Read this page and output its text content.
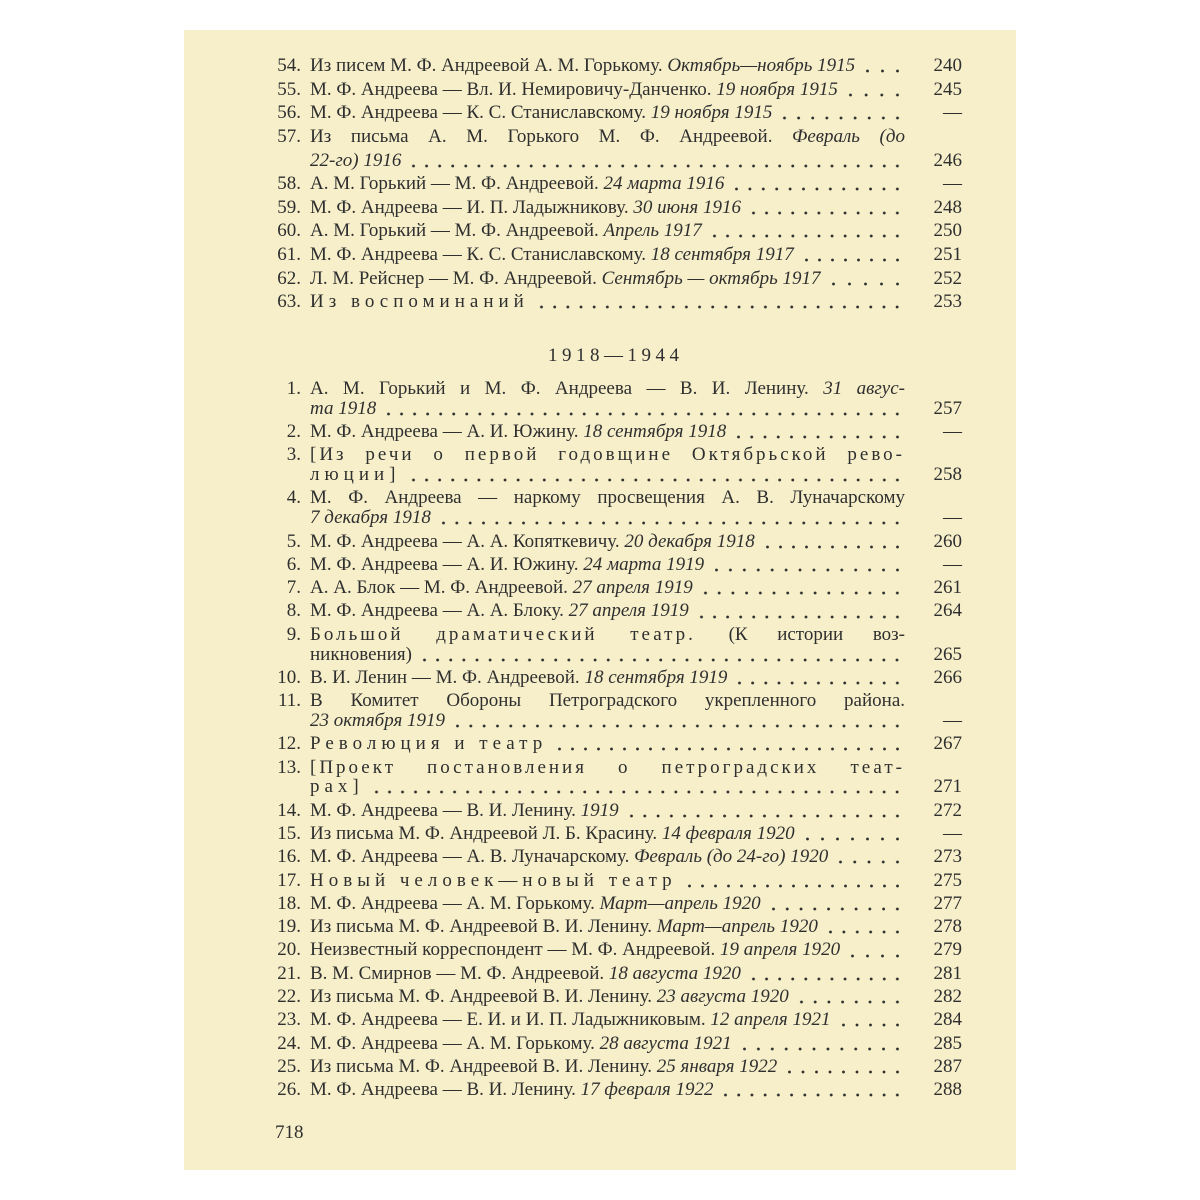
54. Из писем М. Ф. Андреевой А. М. Горькому. Октябрь—ноябрь 1915	240
55. М. Ф. Андреева — Вл. И. Немировичу-Данченко. 19 ноября 1915	245
56. М. Ф. Андреева — К. С. Станиславскому. 19 ноября 1915	—
57. Из письма А. М. Горького М. Ф. Андреевой. Февраль (до
22-го) 1916	246
58. А. М. Горький — М. Ф. Андреевой. 24 марта 1916	—
59. М. Ф. Андреева — И. П. Ладыжникову. 30 июня 1916	248
60. А. М. Горький — М. Ф. Андреевой. Апрель 1917	250
61. М. Ф. Андреева — К. С. Станиславскому. 18 сентября 1917	251
62. Л. М. Рейснер — М. Ф. Андреевой. Сентябрь — октябрь 1917	252
63. Из воспоминаний	253
1918—1944
1. А. М. Горький и М. Ф. Андреева — В. И. Ленину. 31 авгус-
та 1918	257
2. М. Ф. Андреева — А. И. Южину. 18 сентября 1918	—
3. [Из речи о первой годовщине Октябрьской рево-
люции]	258
4. М. Ф. Андреева — наркому просвещения А. В. Луначарскому
7 декабря 1918	—
5. М. Ф. Андреева — А. А. Копяткевичу. 20 декабря 1918	260
6. М. Ф. Андреева — А. И. Южину. 24 марта 1919	—
7. А. А. Блок — М. Ф. Андреевой. 27 апреля 1919	261
8. М. Ф. Андреева — А. А. Блоку. 27 апреля 1919	264
9. Большой драматический театр. (К истории воз-
никновения)	265
10. В. И. Ленин — М. Ф. Андреевой. 18 сентября 1919	266
11. В Комитет Обороны Петроградского укрепленного района.
23 октября 1919	—
12. Революция и театр	267
13. [Проект постановления о петроградских теат-
рах]	271
14. М. Ф. Андреева — В. И. Ленину. 1919	272
15. Из письма М. Ф. Андреевой Л. Б. Красину. 14 февраля 1920	—
16. М. Ф. Андреева — А. В. Луначарскому. Февраль (до 24-го) 1920	273
17. Новый человек—новый театр	275
18. М. Ф. Андреева — А. М. Горькому. Март—апрель 1920	277
19. Из письма М. Ф. Андреевой В. И. Ленину. Март—апрель 1920	278
20. Неизвестный корреспондент — М. Ф. Андреевой. 19 апреля 1920	279
21. В. М. Смирнов — М. Ф. Андреевой. 18 августа 1920	281
22. Из письма М. Ф. Андреевой В. И. Ленину. 23 августа 1920	282
23. М. Ф. Андреева — Е. И. и И. П. Ладыжниковым. 12 апреля 1921	284
24. М. Ф. Андреева — А. М. Горькому. 28 августа 1921	285
25. Из письма М. Ф. Андреевой В. И. Ленину. 25 января 1922	287
26. М. Ф. Андреева — В. И. Ленину. 17 февраля 1922	288
718
